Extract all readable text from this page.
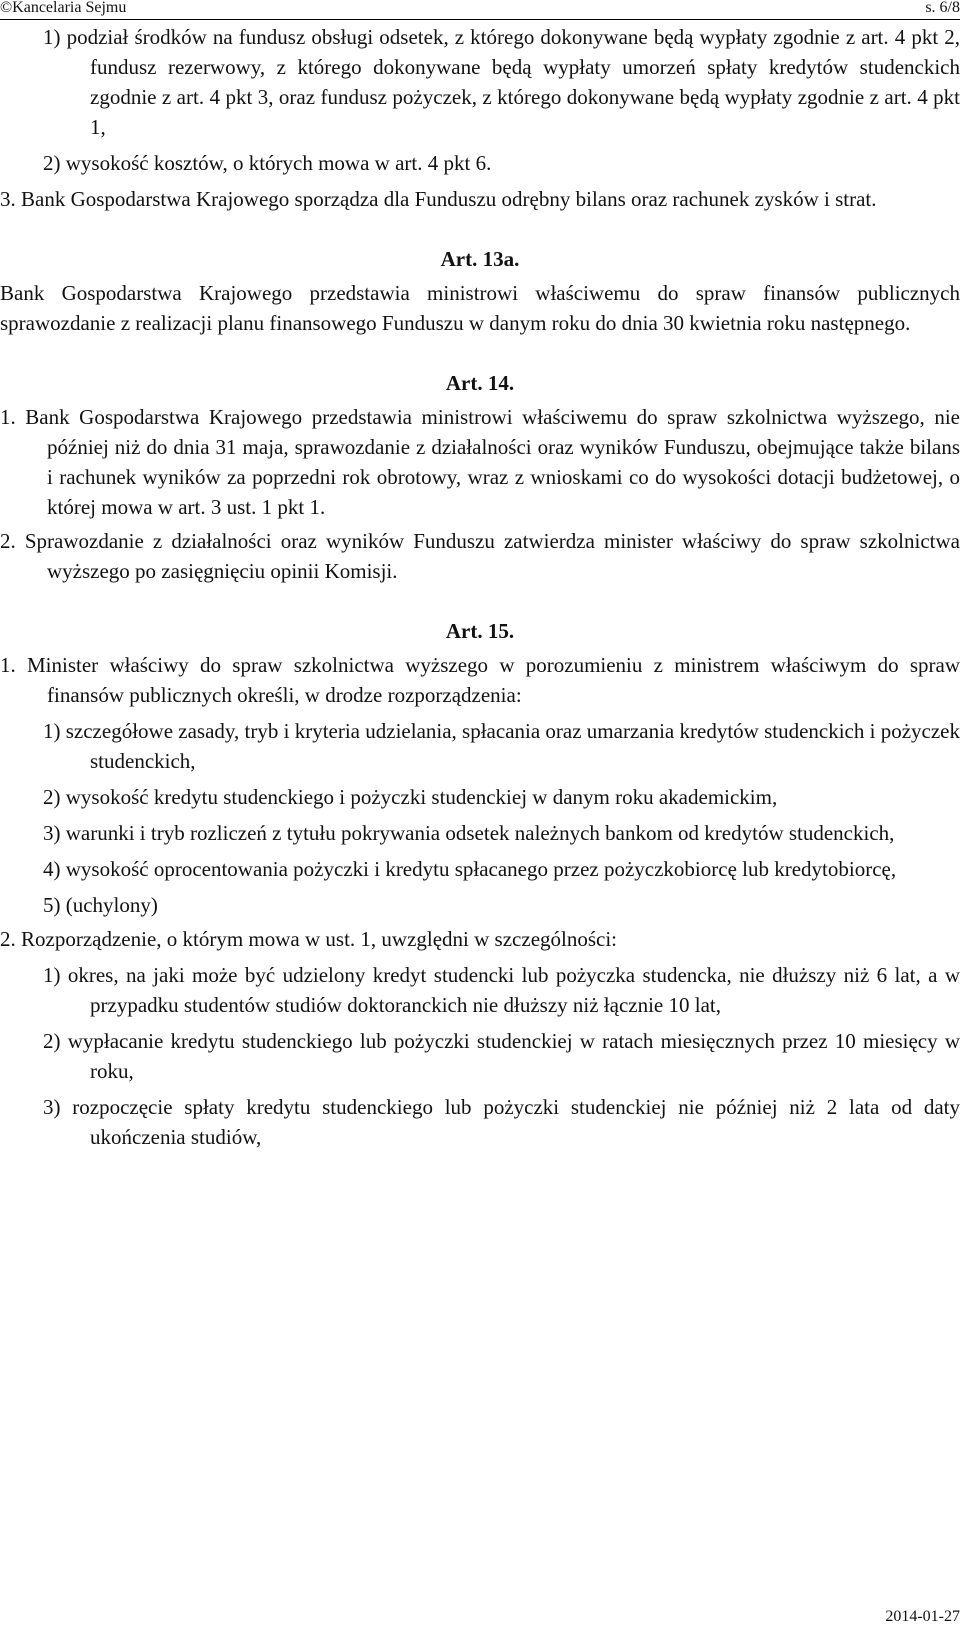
©Kancelaria Sejmu	s. 6/8

1) podział środków na fundusz obsługi odsetek, z którego dokonywane będą wypłaty zgodnie z art. 4 pkt 2, fundusz rezerwowy, z którego dokonywane będą wypłaty umorzeń spłaty kredytów studenckich zgodnie z art. 4 pkt 3, oraz fundusz pożyczek, z którego dokonywane będą wypłaty zgodnie z art. 4 pkt 1,

2) wysokość kosztów, o których mowa w art. 4 pkt 6.

3. Bank Gospodarstwa Krajowego sporządza dla Funduszu odrębny bilans oraz rachunek zysków i strat.

Art. 13a.

Bank Gospodarstwa Krajowego przedstawia ministrowi właściwemu do spraw finansów publicznych sprawozdanie z realizacji planu finansowego Funduszu w danym roku do dnia 30 kwietnia roku następnego.

Art. 14.

1. Bank Gospodarstwa Krajowego przedstawia ministrowi właściwemu do spraw szkolnictwa wyższego, nie później niż do dnia 31 maja, sprawozdanie z działalności oraz wyników Funduszu, obejmujące także bilans i rachunek wyników za poprzedni rok obrotowy, wraz z wnioskami co do wysokości dotacji budżetowej, o której mowa w art. 3 ust. 1 pkt 1.

2. Sprawozdanie z działalności oraz wyników Funduszu zatwierdza minister właściwy do spraw szkolnictwa wyższego po zasięgnięciu opinii Komisji.

Art. 15.

1. Minister właściwy do spraw szkolnictwa wyższego w porozumieniu z ministrem właściwym do spraw finansów publicznych określi, w drodze rozporządzenia:

1) szczegółowe zasady, tryb i kryteria udzielania, spłacania oraz umarzania kredytów studenckich i pożyczek studenckich,

2) wysokość kredytu studenckiego i pożyczki studenckiej w danym roku akademickim,

3) warunki i tryb rozliczeń z tytułu pokrywania odsetek należnych bankom od kredytów studenckich,

4) wysokość oprocentowania pożyczki i kredytu spłacanego przez pożyczkobiorcę lub kredytobiorcę,

5) (uchylony)

2. Rozporządzenie, o którym mowa w ust. 1, uwzględni w szczególności:

1) okres, na jaki może być udzielony kredyt studencki lub pożyczka studencka, nie dłuższy niż 6 lat, a w przypadku studentów studiów doktoranckich nie dłuższy niż łącznie 10 lat,

2) wypłacanie kredytu studenckiego lub pożyczki studenckiej w ratach miesięcznych przez 10 miesięcy w roku,

3) rozpoczęcie spłaty kredytu studenckiego lub pożyczki studenckiej nie później niż 2 lata od daty ukończenia studiów,

2014-01-27
